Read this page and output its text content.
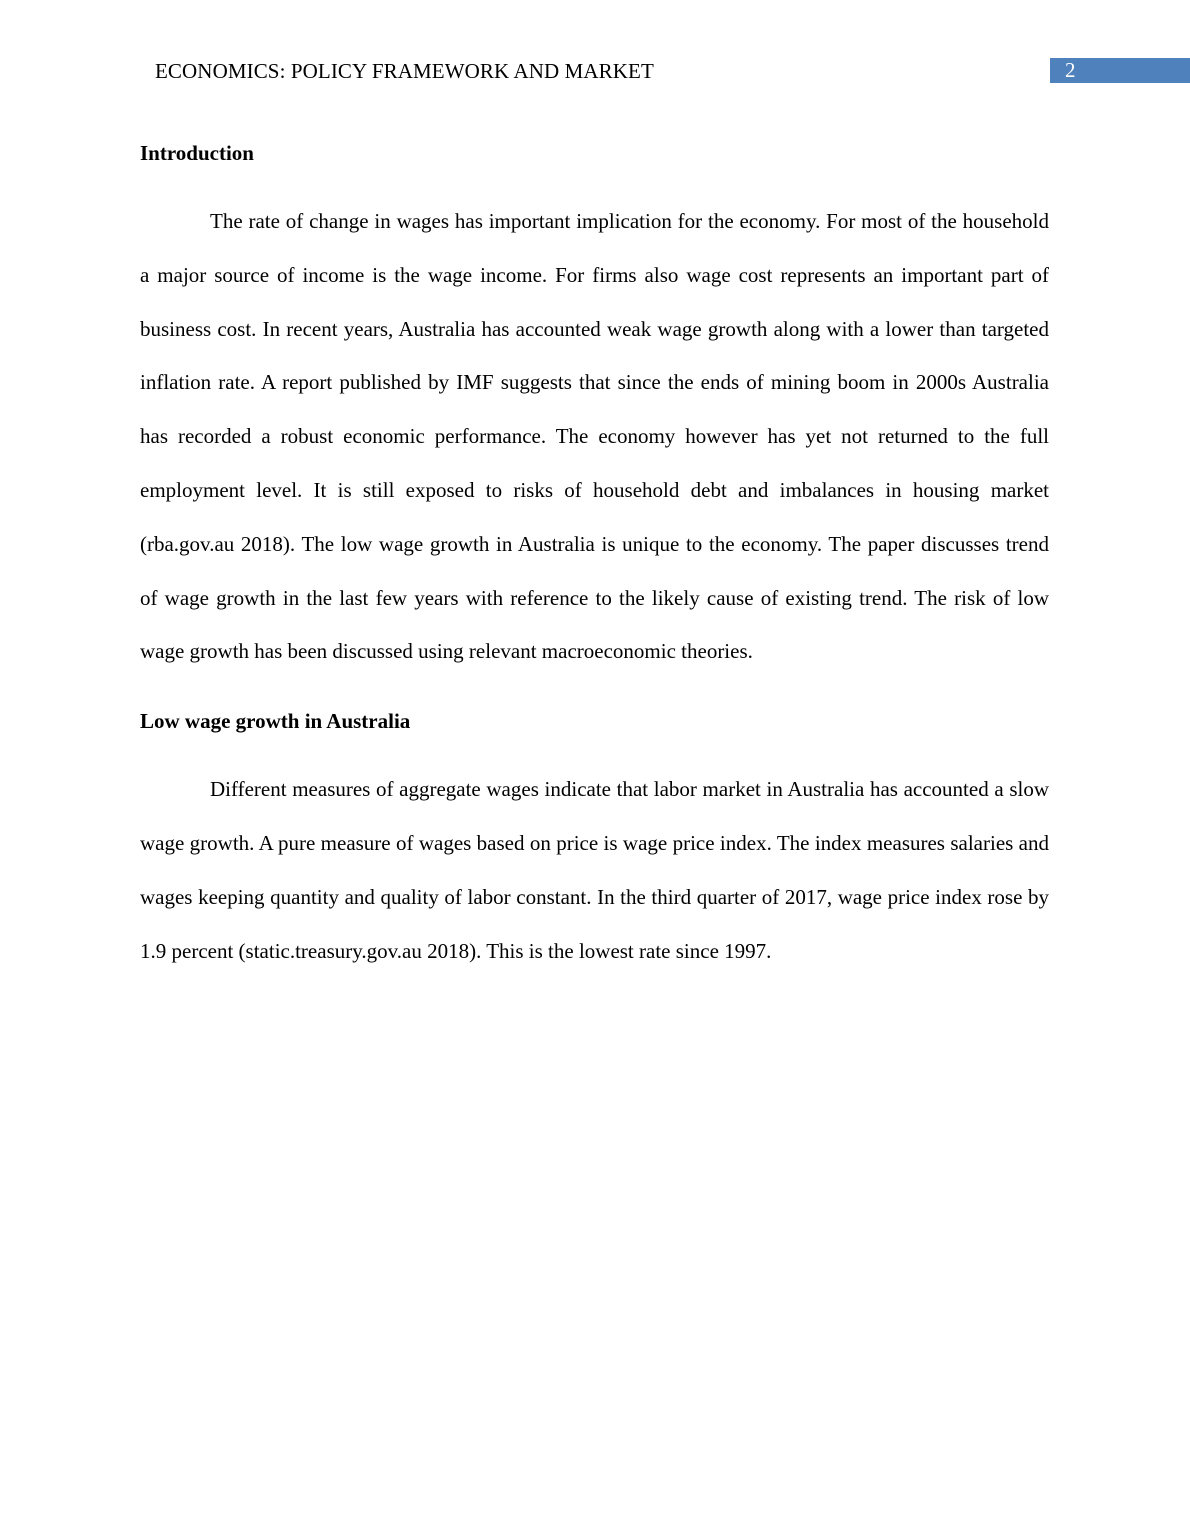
ECONOMICS: POLICY FRAMEWORK AND MARKET	2
Introduction

The rate of change in wages has important implication for the economy. For most of the household a major source of income is the wage income. For firms also wage cost represents an important part of business cost. In recent years, Australia has accounted weak wage growth along with a lower than targeted inflation rate. A report published by IMF suggests that since the ends of mining boom in 2000s Australia has recorded a robust economic performance. The economy however has yet not returned to the full employment level. It is still exposed to risks of household debt and imbalances in housing market (rba.gov.au 2018). The low wage growth in Australia is unique to the economy. The paper discusses trend of wage growth in the last few years with reference to the likely cause of existing trend. The risk of low wage growth has been discussed using relevant macroeconomic theories.

Low wage growth in Australia

Different measures of aggregate wages indicate that labor market in Australia has accounted a slow wage growth. A pure measure of wages based on price is wage price index. The index measures salaries and wages keeping quantity and quality of labor constant. In the third quarter of 2017, wage price index rose by 1.9 percent (static.treasury.gov.au 2018). This is the lowest rate since 1997.
